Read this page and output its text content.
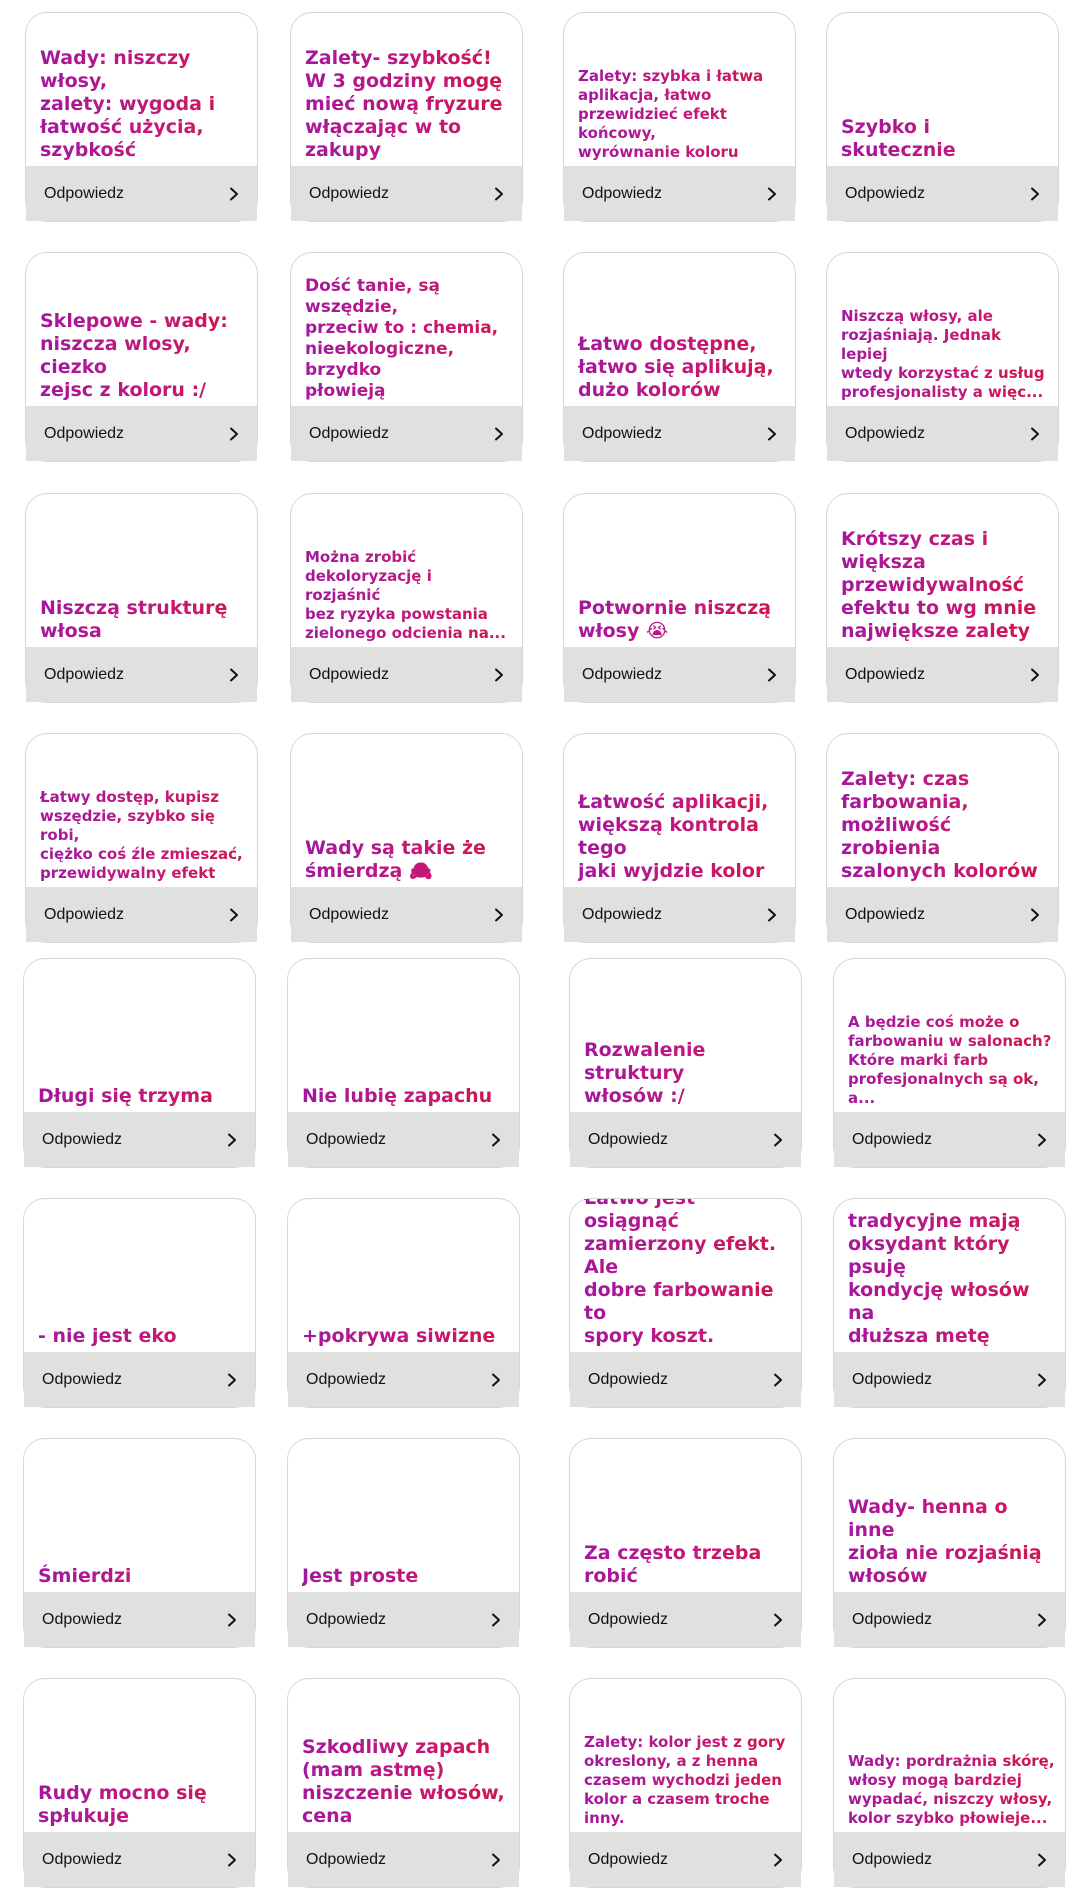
Wady: niszczy włosy,
zalety: wygoda i
łatwość użycia,
szybkość
Odpowiedz
Zalety- szybkość!
W 3 godziny mogę
mieć nową fryzure
włączając w to zakupy
Odpowiedz
Zalety: szybka i łatwa
aplikacja, łatwo
przewidzieć efekt końcowy,
wyrównanie koloru
Odpowiedz
Szybko i skutecznie
Odpowiedz
Sklepowe - wady:
niszcza wlosy, ciezko
zejsc z koloru :/
Odpowiedz
Dość tanie, są wszędzie,
przeciw to : chemia,
nieekologiczne, brzydko
płowieją
Odpowiedz
Łatwo dostępne,
łatwo się aplikują,
dużo kolorów
Odpowiedz
Niszczą włosy, ale
rozjaśniają. Jednak lepiej
wtedy korzystać z usług
profesjonalisty a więc...
Odpowiedz
Niszczą strukturę
włosa
Odpowiedz
Można zrobić
dekoloryzację i rozjaśnić
bez ryzyka powstania
zielonego odcienia na...
Odpowiedz
Potwornie niszczą
włosy 😭
Odpowiedz
Krótszy czas i większa
przewidywalność
efektu to wg mnie
największe zalety
Odpowiedz
Łatwy dostęp, kupisz
wszędzie, szybko się robi,
ciężko coś źle zmieszać,
przewidywalny efekt
Odpowiedz
Wady są takie że
śmierdzą 🙈
Odpowiedz
Łatwość aplikacji,
większą kontrola tego
jaki wyjdzie kolor
Odpowiedz
Zalety: czas
farbowania,
możliwość zrobienia
szalonych kolorów
Odpowiedz
Długi się trzyma
Odpowiedz
Nie lubię zapachu
Odpowiedz
Rozwalenie struktury
włosów :/
Odpowiedz
A będzie coś może o
farbowaniu w salonach?
Które marki farb
profesjonalnych są ok, a...
Odpowiedz
- nie jest eko
Odpowiedz
+pokrywa siwizne
Odpowiedz
Łatwo jest osiągnąć
zamierzony efekt. Ale
dobre farbowanie to
spory koszt.
Odpowiedz
tradycyjne mają
oksydant który psuję
kondycję włosów na
dłuższa metę
Odpowiedz
Śmierdzi
Odpowiedz
Jest proste
Odpowiedz
Za często trzeba robić
Odpowiedz
Wady- henna o inne
zioła nie rozjaśnią
włosów
Odpowiedz
Rudy mocno się
spłukuje
Odpowiedz
Szkodliwy zapach
(mam astmę)
niszczenie włosów,
cena
Odpowiedz
Zalety: kolor jest z gory
okreslony, a z henna
czasem wychodzi jeden
kolor a czasem troche inny.
Odpowiedz
Wady: pordrażnia skórę,
włosy mogą bardziej
wypadać, niszczy włosy,
kolor szybko płowieje...
Odpowiedz
